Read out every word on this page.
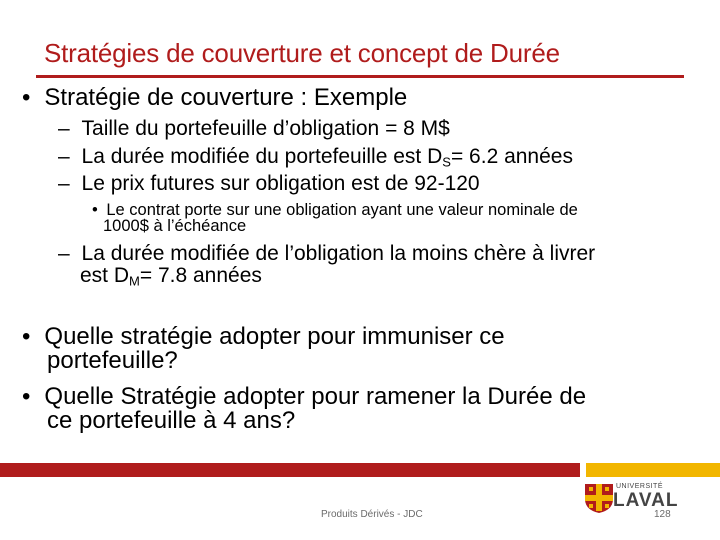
Stratégies de couverture et concept de Durée
• Stratégie de couverture : Exemple
– Taille du portefeuille d’obligation = 8 M$
– La durée modifiée du portefeuille est $D_S= 6.2$ années
– Le prix futures sur obligation est de 92-120
• Le contrat porte sur une obligation ayant une valeur nominale de
1000$ à l’échéance
– La durée modifiée de l’obligation la moins chère à livrer
est $D_M= 7.8$ années
• Quelle stratégie adopter pour immuniser ce
portefeuille?
• Quelle Stratégie adopter pour ramener la Durée de
ce portefeuille à 4 ans?
Produits Dérivés - JDC	128
UNIVERSITÉ
LAVAL
